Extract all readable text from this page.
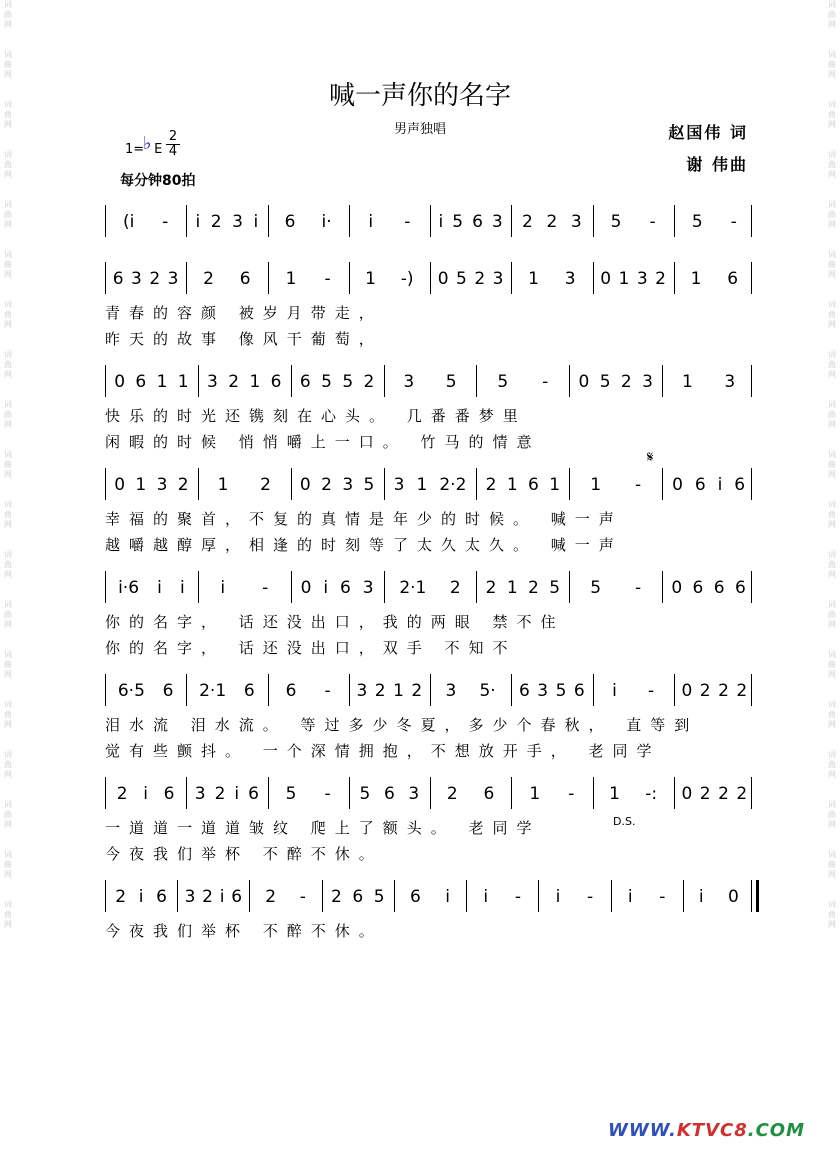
词
曲
网

词
曲
网

词
曲
网

词
曲
网

词
曲
网

词
曲
网

词
曲
网

词
曲
网

词
曲
网

词
曲
网

词
曲
网

词
曲
网

词
曲
网

词
曲
网

词
曲
网

词
曲
网

词
曲
网

词
曲
网

词
曲
网

词
曲
网

词
曲
网

词
曲
网

词
曲
网

词
曲
网

词
曲
网

词
曲
网

词
曲
网

词
曲
网

词
曲
网

词
曲
网

词
曲
网

词
曲
网

词
曲
网

词
曲
网

词
曲
网

词
曲
网

词
曲
网

词
曲
网

喊一声你的名字
男声独唱	赵国伟 词
谢 伟曲
1= E
♭ 2
4
每分钟80拍
(i - i 2 3 i 6 i· i - i 5 6 3 2 2 3 5 - 5 -
6 3 2 3 2 6 1 - 1 -) 0 5 2 3 1 3 0 1 3 2 1 6
青春的容颜 被岁月带走，
昨天的故事 像风干葡萄，
0 6 1 1 3 2 1 6 6 5 5 2 3 5 5 - 0 5 2 3 1 3
快乐的时光还镌刻在心头。 几番番梦里
闲暇的时候 悄悄嚼上一口。 竹马的情意
0 1 3 2 1 2 0 2 3 5 3 1 2·2 2 1 6 1 1 - 0 6 i 6
幸福的聚首，不复的真情是年少的时候。 喊一声
越嚼越醇厚，相逢的时刻等了太久太久。 喊一声
𝄋
i·6 i i i - 0 i 6 3 2·1 2 2 1 2 5 5 - 0 6 6 6
你的名字， 话还没出口，我的两眼 禁不住
你的名字， 话还没出口，双手 不知不
6·5 6 2·1 6 6 - 3 2 1 2 3 5· 6 3 5 6 i - 0 2 2 2
泪水流 泪水流。 等过多少冬夏，多少个春秋， 直等到
觉有些颤抖。 一个深情拥抱，不想放开手， 老同学
2 i 6 3 2 i 6 5 - 5 6 3 2 6 1 - 1 -: 0 2 2 2
一道道一道道皱纹 爬上了额头。 老同学
今夜我们举杯 不醉不休。
D.S.
2 i 6 3 2 i 6 2 - 2 6 5 6 i i - i - i - i 0
今夜我们举杯 不醉不休。
WWW.KTVC8.COM
